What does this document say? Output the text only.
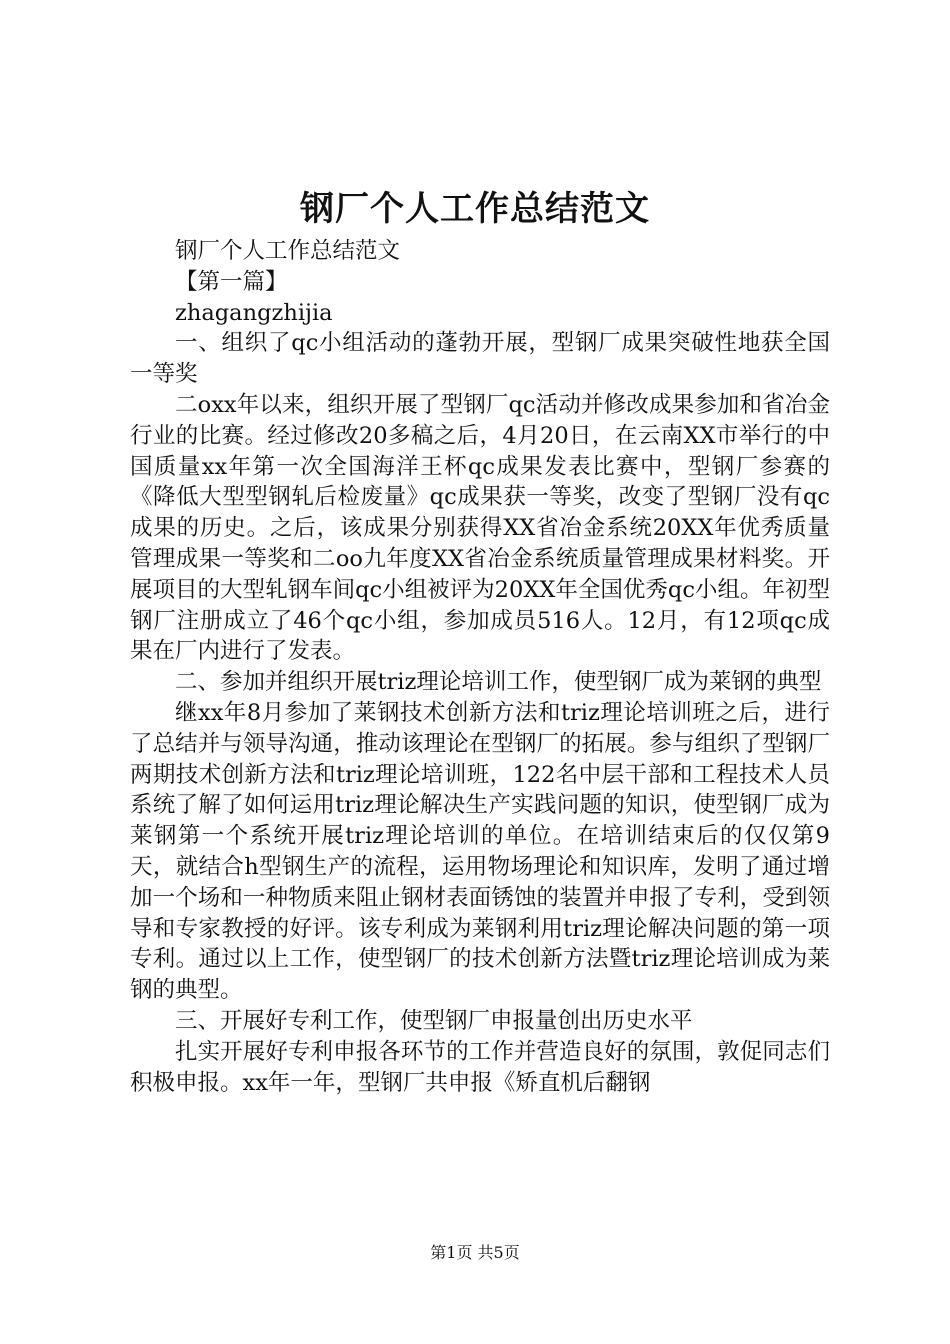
钢厂个人工作总结范文

钢厂个人工作总结范文

【第一篇】

zhagangzhijia

一、组织了qc小组活动的蓬勃开展，型钢厂成果突破性地获全国一等奖

二oxx年以来，组织开展了型钢厂qc活动并修改成果参加和省冶金行业的比赛。经过修改20多稿之后，4月20日，在云南XX市举行的中国质量xx年第一次全国海洋王杯qc成果发表比赛中，型钢厂参赛的《降低大型型钢轧后检废量》qc成果获一等奖，改变了型钢厂没有qc成果的历史。之后，该成果分别获得XX省冶金系统20XX年优秀质量管理成果一等奖和二oo九年度XX省冶金系统质量管理成果材料奖。开展项目的大型轧钢车间qc小组被评为20XX年全国优秀qc小组。年初型钢厂注册成立了46个qc小组，参加成员516人。12月，有12项qc成果在厂内进行了发表。

二、参加并组织开展triz理论培训工作，使型钢厂成为莱钢的典型

继xx年8月参加了莱钢技术创新方法和triz理论培训班之后，进行了总结并与领导沟通，推动该理论在型钢厂的拓展。参与组织了型钢厂两期技术创新方法和triz理论培训班，122名中层干部和工程技术人员系统了解了如何运用triz理论解决生产实践问题的知识，使型钢厂成为莱钢第一个系统开展triz理论培训的单位。在培训结束后的仅仅第9天，就结合h型钢生产的流程，运用物场理论和知识库，发明了通过增加一个场和一种物质来阻止钢材表面锈蚀的装置并申报了专利，受到领导和专家教授的好评。该专利成为莱钢利用triz理论解决问题的第一项专利。通过以上工作，使型钢厂的技术创新方法暨triz理论培训成为莱钢的典型。

三、开展好专利工作，使型钢厂申报量创出历史水平

扎实开展好专利申报各环节的工作并营造良好的氛围，敦促同志们积极申报。xx年一年，型钢厂共申报《矫直机后翻钢

第1页 共5页
